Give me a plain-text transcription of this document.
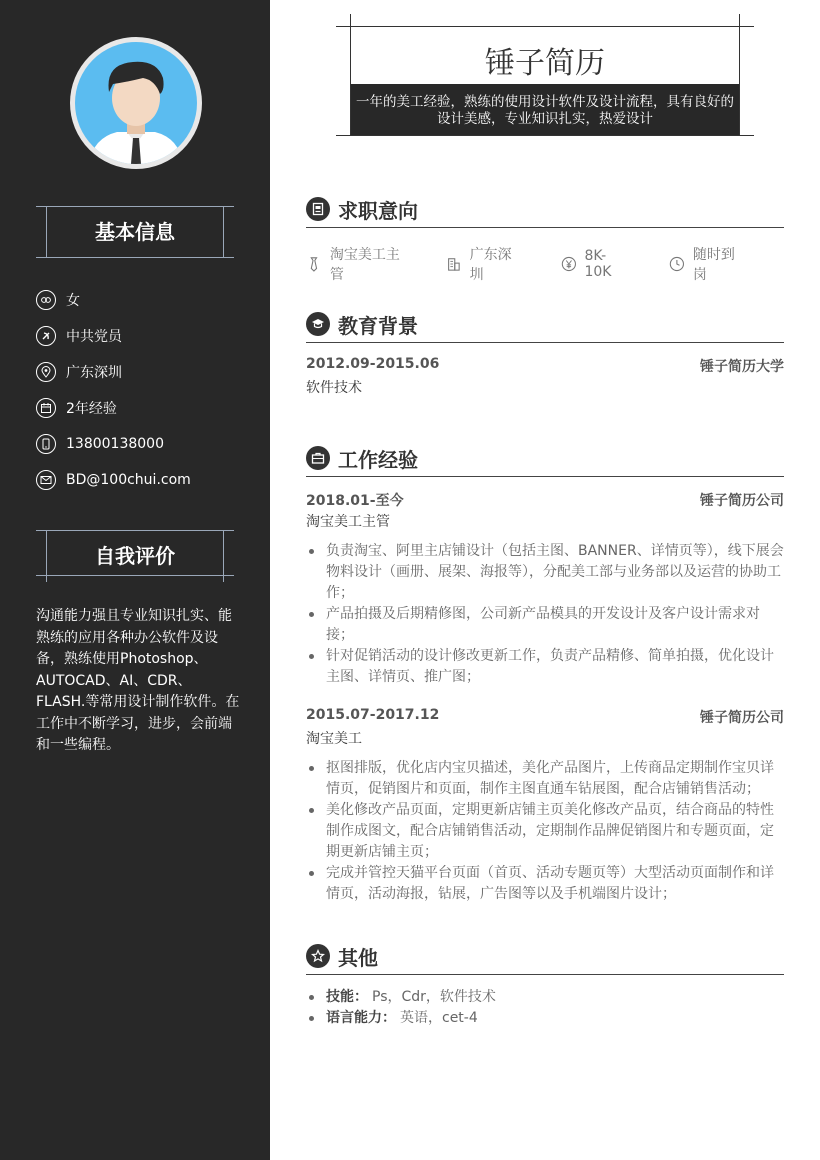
基本信息
女
中共党员
广东深圳
2年经验
13800138000
BD@100chui.com
自我评价
沟通能力强且专业知识扎实、能熟练的应用各种办公软件及设备，熟练使用Photoshop、AUTOCAD、AI、CDR、FLASH.等常用设计制作软件。在工作中不断学习，进步，会前端和一些编程。
锤子简历
一年的美工经验，熟练的使用设计软件及设计流程，具有良好的设计美感，专业知识扎实，热爱设计
求职意向
淘宝美工主管
广东深圳
8K-10K
随时到岗
教育背景
2012.09-2015.06	锤子简历大学
软件技术
工作经验
2018.01-至今	锤子简历公司
淘宝美工主管
负责淘宝、阿里主店铺设计（包括主图、BANNER、详情页等），线下展会物料设计（画册、展架、海报等），分配美工部与业务部以及运营的协助工作；
产品拍摄及后期精修图，公司新产品模具的开发设计及客户设计需求对接；
针对促销活动的设计修改更新工作，负责产品精修、简单拍摄，优化设计主图、详情页、推广图；
2015.07-2017.12	锤子简历公司
淘宝美工
抠图排版，优化店内宝贝描述，美化产品图片，上传商品定期制作宝贝详情页，促销图片和页面，制作主图直通车钻展图，配合店铺销售活动；
美化修改产品页面，定期更新店铺主页美化修改产品页，结合商品的特性制作成图文，配合店铺销售活动，定期制作品牌促销图片和专题页面，定期更新店铺主页；
完成并管控天猫平台页面（首页、活动专题页等）大型活动页面制作和详情页，活动海报，钻展，广告图等以及手机端图片设计；
其他
技能： Ps，Cdr，软件技术
语言能力： 英语，cet-4
